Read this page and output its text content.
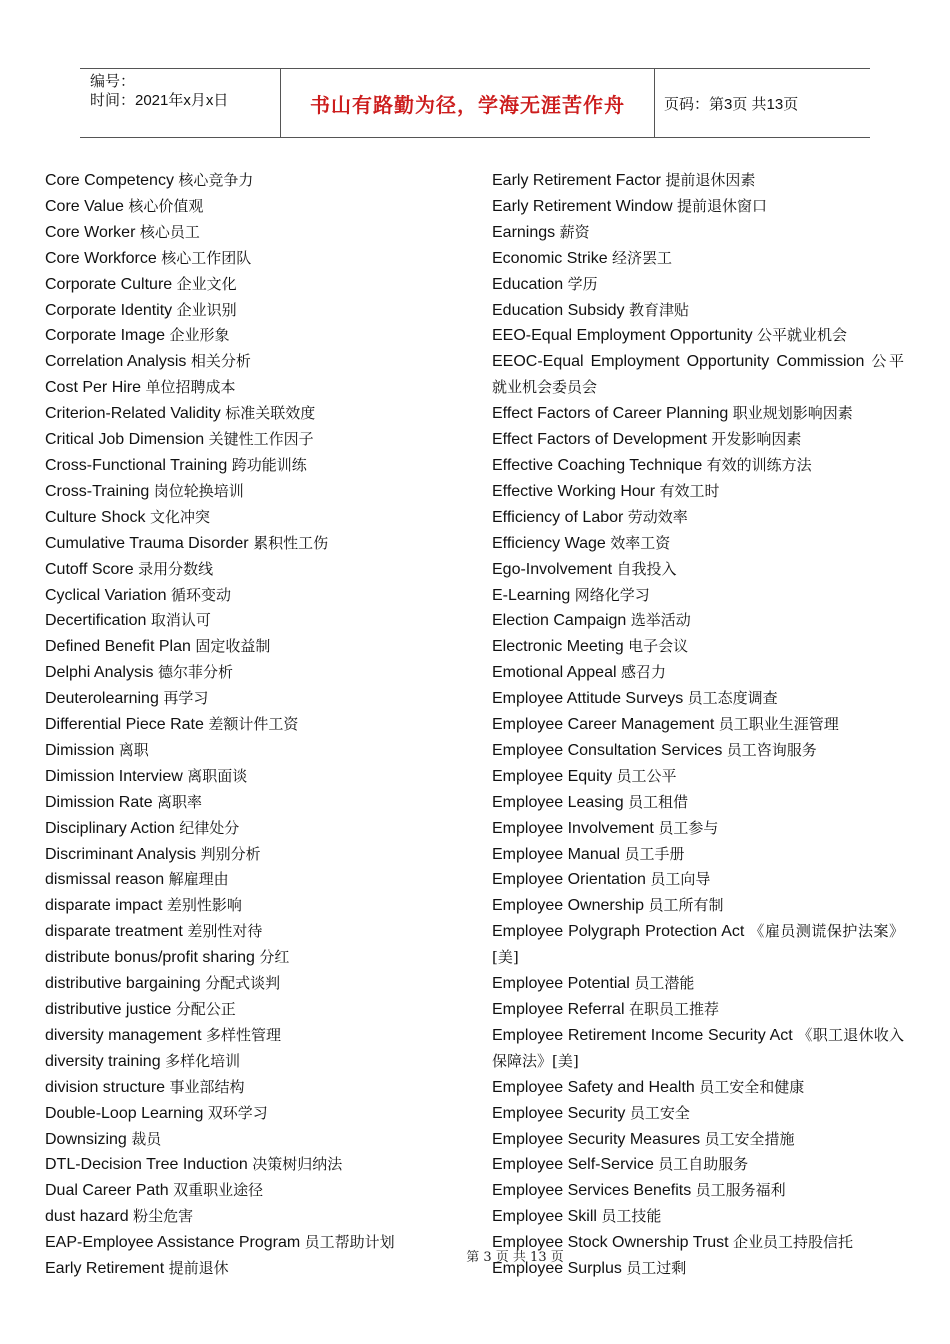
编号：
时间：2021年x月x日	书山有路勤为径，学海无涯苦作舟	页码：第3页 共13页

Core Competency 核心竞争力

Core Value 核心价值观

Core Worker 核心员工

Core Workforce 核心工作团队

Corporate Culture 企业文化

Corporate Identity 企业识别

Corporate Image 企业形象

Correlation Analysis 相关分析

Cost Per Hire 单位招聘成本

Criterion-Related Validity 标准关联效度

Critical Job Dimension 关键性工作因子

Cross-Functional Training 跨功能训练

Cross-Training 岗位轮换培训

Culture Shock 文化冲突

Cumulative Trauma Disorder 累积性工伤

Cutoff Score 录用分数线

Cyclical Variation 循环变动

Decertification 取消认可

Defined Benefit Plan 固定收益制

Delphi Analysis 德尔菲分析

Deuterolearning 再学习

Differential Piece Rate 差额计件工资

Dimission 离职

Dimission Interview 离职面谈

Dimission Rate 离职率

Disciplinary Action 纪律处分

Discriminant Analysis 判别分析

dismissal reason 解雇理由

disparate impact 差别性影响

disparate treatment 差别性对待

distribute bonus/profit sharing 分红

distributive bargaining 分配式谈判

distributive justice 分配公正

diversity management 多样性管理

diversity training 多样化培训

division structure 事业部结构

Double-Loop Learning 双环学习

Downsizing 裁员

DTL-Decision Tree Induction 决策树归纳法

Dual Career Path 双重职业途径

dust hazard 粉尘危害

EAP-Employee Assistance Program 员工帮助计划

Early Retirement 提前退休

Early Retirement Factor 提前退休因素

Early Retirement Window 提前退休窗口

Earnings 薪资

Economic Strike 经济罢工

Education 学历

Education Subsidy 教育津贴

EEO-Equal Employment Opportunity 公平就业机会

EEOC-Equal Employment Opportunity Commission 公平就业机会委员会

Effect Factors of Career Planning 职业规划影响因素

Effect Factors of Development 开发影响因素

Effective Coaching Technique 有效的训练方法

Effective Working Hour 有效工时

Efficiency of Labor 劳动效率

Efficiency Wage 效率工资

Ego-Involvement 自我投入

E-Learning 网络化学习

Election Campaign 选举活动

Electronic Meeting 电子会议

Emotional Appeal 感召力

Employee Attitude Surveys 员工态度调查

Employee Career Management 员工职业生涯管理

Employee Consultation Services 员工咨询服务

Employee Equity 员工公平

Employee Leasing 员工租借

Employee Involvement 员工参与

Employee Manual 员工手册

Employee Orientation 员工向导

Employee Ownership 员工所有制

Employee Polygraph Protection Act 《雇员测谎保护法案》[美]

Employee Potential 员工潜能

Employee Referral 在职员工推荐

Employee Retirement Income Security Act 《职工退休收入保障法》[美]

Employee Safety and Health 员工安全和健康

Employee Security 员工安全

Employee Security Measures 员工安全措施

Employee Self-Service 员工自助服务

Employee Services Benefits 员工服务福利

Employee Skill 员工技能

Employee Stock Ownership Trust 企业员工持股信托

Employee Surplus 员工过剩

第 3 页 共 13 页
